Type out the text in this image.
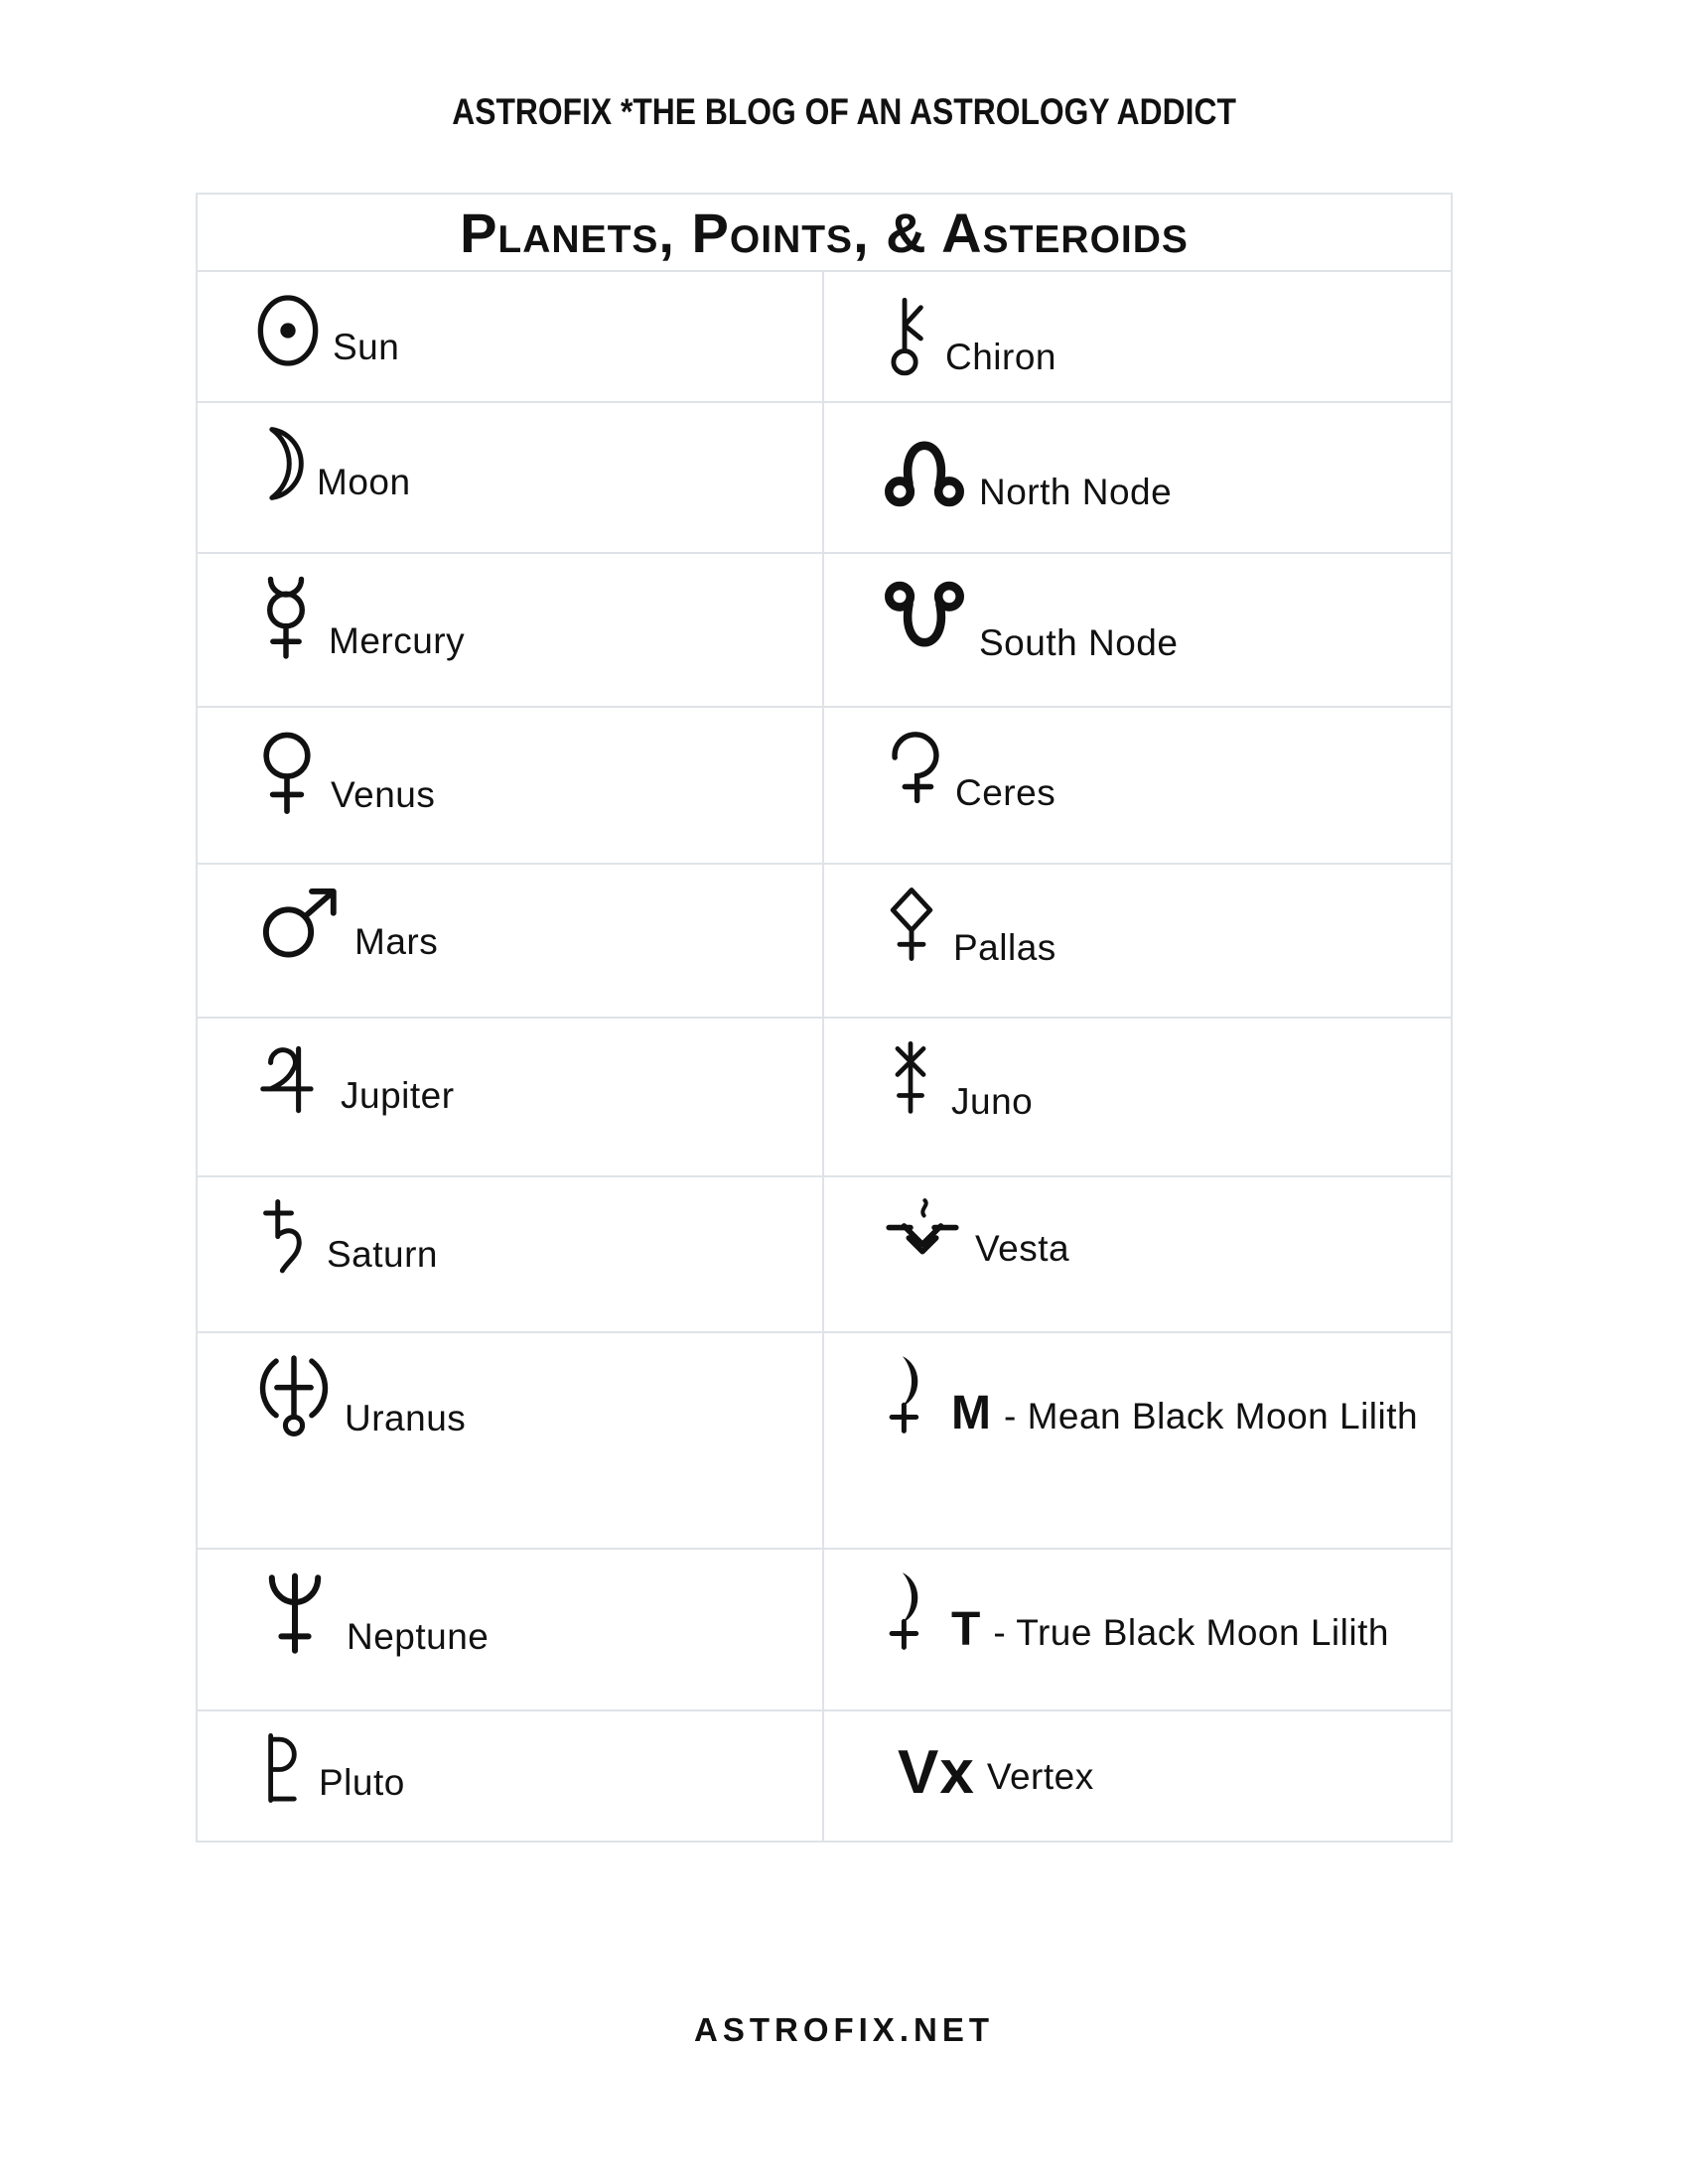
ASTROFIX *THE BLOG OF AN ASTROLOGY ADDICT
Planets, Points, & Asteroids
Sun	Chiron
Moon	North Node
Mercury	South Node
Venus	Ceres
Mars	Pallas
Jupiter	Juno
Saturn	Vesta
Uranus	M - Mean Black Moon Lilith
Neptune	T - True Black Moon Lilith
Pluto	Vx Vertex
ASTROFIX.NET
